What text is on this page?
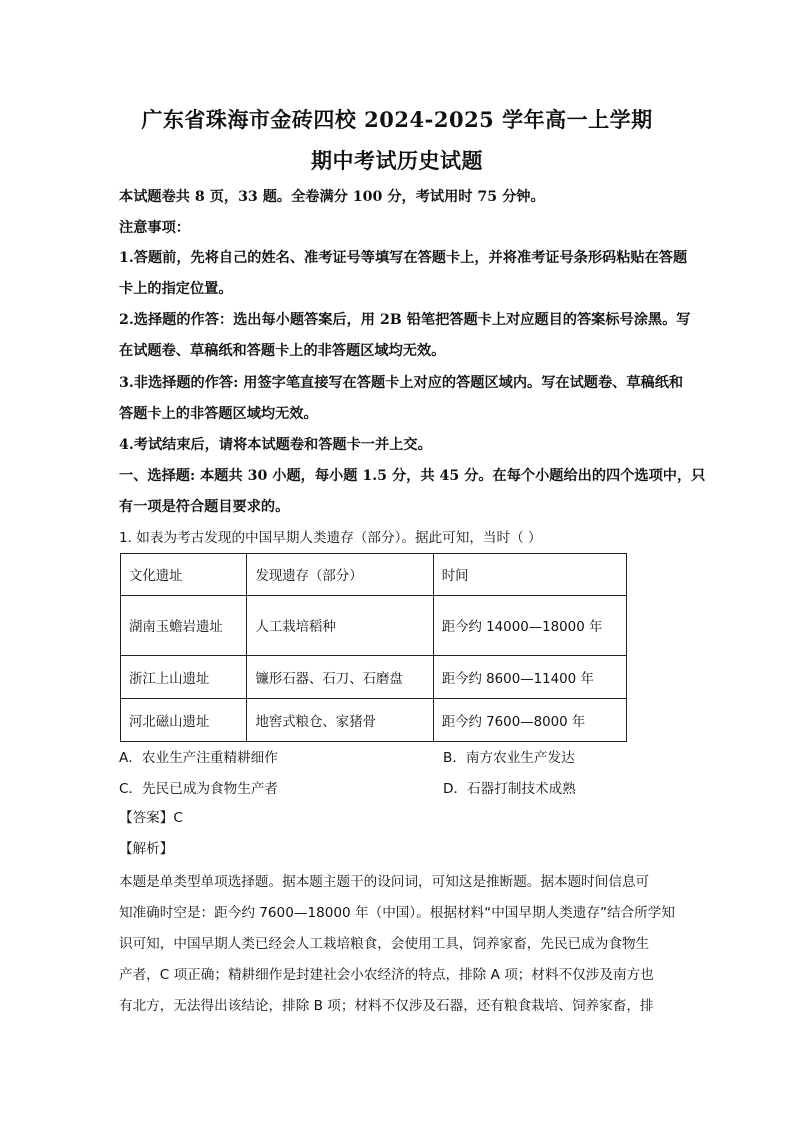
广东省珠海市金砖四校 2024-2025 学年高一上学期
期中考试历史试题
本试题卷共 8 页，33 题。全卷满分 100 分，考试用时 75 分钟。
注意事项：
1.答题前，先将自己的姓名、准考证号等填写在答题卡上，并将准考证号条形码粘贴在答题
卡上的指定位置。
2.选择题的作答：选出每小题答案后，用 2B 铅笔把答题卡上对应题目的答案标号涂黑。写
在试题卷、草稿纸和答题卡上的非答题区域均无效。
3.非选择题的作答: 用签字笔直接写在答题卡上对应的答题区域内。写在试题卷、草稿纸和
答题卡上的非答题区域均无效。
4.考试结束后，请将本试题卷和答题卡一并上交。
一、选择题: 本题共 30 小题，每小题 1.5 分，共 45 分。在每个小题给出的四个选项中，只
有一项是符合题目要求的。
1. 如表为考古发现的中国早期人类遗存（部分）。据此可知，当时（ ）
文化遗址	发现遗存（部分）	时间
湖南玉蟾岩遗址	人工栽培稻种	距今约 14000—18000 年
浙江上山遗址	镰形石器、石刀、石磨盘	距今约 8600—11400 年
河北磁山遗址	地窖式粮仓、家猪骨	距今约 7600—8000 年
A．农业生产注重精耕细作	B．南方农业生产发达
C．先民已成为食物生产者	D．石器打制技术成熟
【答案】C
【解析】
本题是单类型单项选择题。据本题主题干的设问词，可知这是推断题。据本题时间信息可
知准确时空是：距今约 7600—18000 年（中国）。根据材料“中国早期人类遗存”结合所学知
识可知，中国早期人类已经会人工栽培粮食，会使用工具，饲养家畜，先民已成为食物生
产者，C 项正确；精耕细作是封建社会小农经济的特点，排除 A 项；材料不仅涉及南方也
有北方，无法得出该结论，排除 B 项；材料不仅涉及石器，还有粮食栽培、饲养家畜，排
